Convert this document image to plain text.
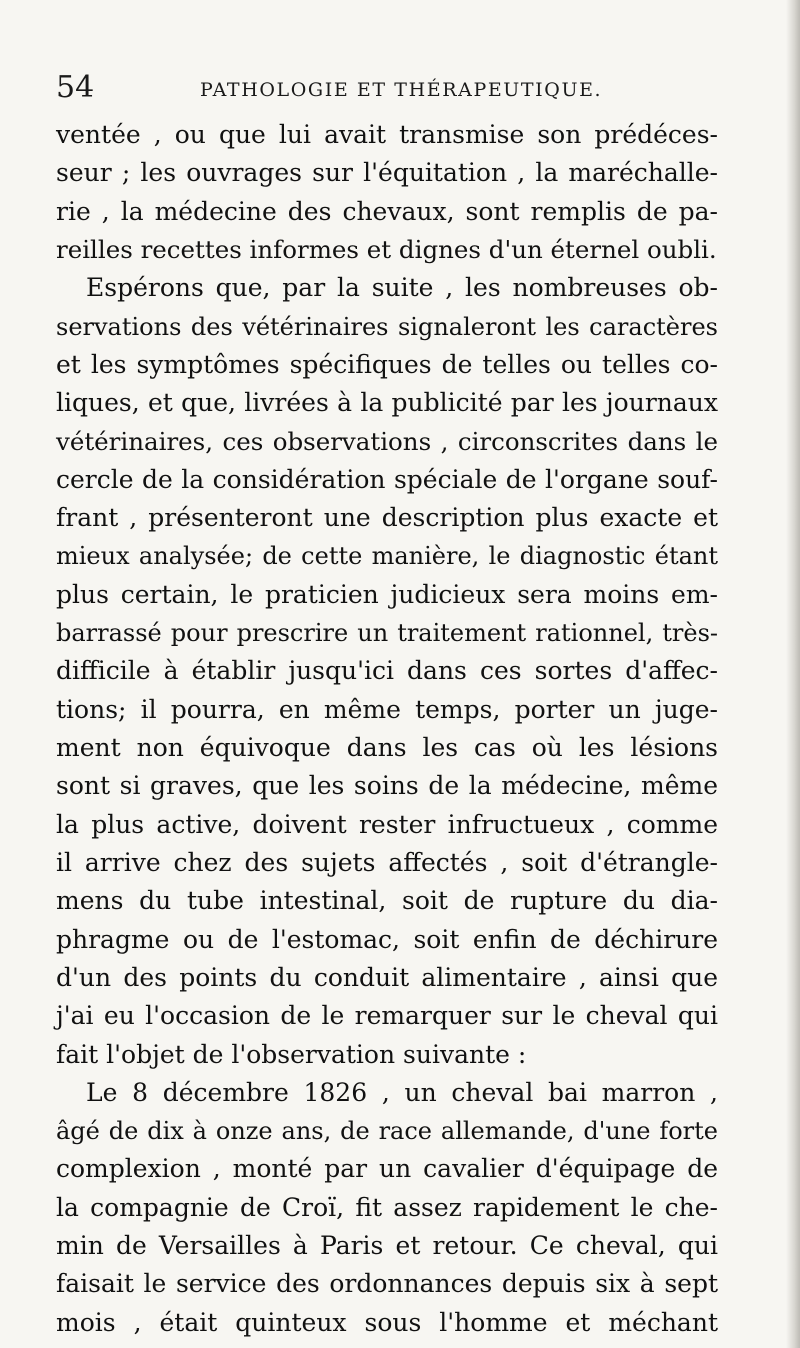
54	PATHOLOGIE ET THÉRAPEUTIQUE.
ventée , ou que lui avait transmise son prédéces-
seur ; les ouvrages sur l'équitation , la maréchalle-
rie , la médecine des chevaux, sont remplis de pa-
reilles recettes informes et dignes d'un éternel oubli.
Espérons que, par la suite , les nombreuses ob-
servations des vétérinaires signaleront les caractères
et les symptômes spécifiques de telles ou telles co-
liques, et que, livrées à la publicité par les journaux
vétérinaires, ces observations , circonscrites dans le
cercle de la considération spéciale de l'organe souf-
frant , présenteront une description plus exacte et
mieux analysée; de cette manière, le diagnostic étant
plus certain, le praticien judicieux sera moins em-
barrassé pour prescrire un traitement rationnel, très-
difficile à établir jusqu'ici dans ces sortes d'affec-
tions; il pourra, en même temps, porter un juge-
ment non équivoque dans les cas où les lésions
sont si graves, que les soins de la médecine, même
la plus active, doivent rester infructueux , comme
il arrive chez des sujets affectés , soit d'étrangle-
mens du tube intestinal, soit de rupture du dia-
phragme ou de l'estomac, soit enfin de déchirure
d'un des points du conduit alimentaire , ainsi que
j'ai eu l'occasion de le remarquer sur le cheval qui
fait l'objet de l'observation suivante :
Le 8 décembre 1826 , un cheval bai marron ,
âgé de dix à onze ans, de race allemande, d'une forte
complexion , monté par un cavalier d'équipage de
la compagnie de Croï, fit assez rapidement le che-
min de Versailles à Paris et retour. Ce cheval, qui
faisait le service des ordonnances depuis six à sept
mois , était quinteux sous l'homme et méchant
